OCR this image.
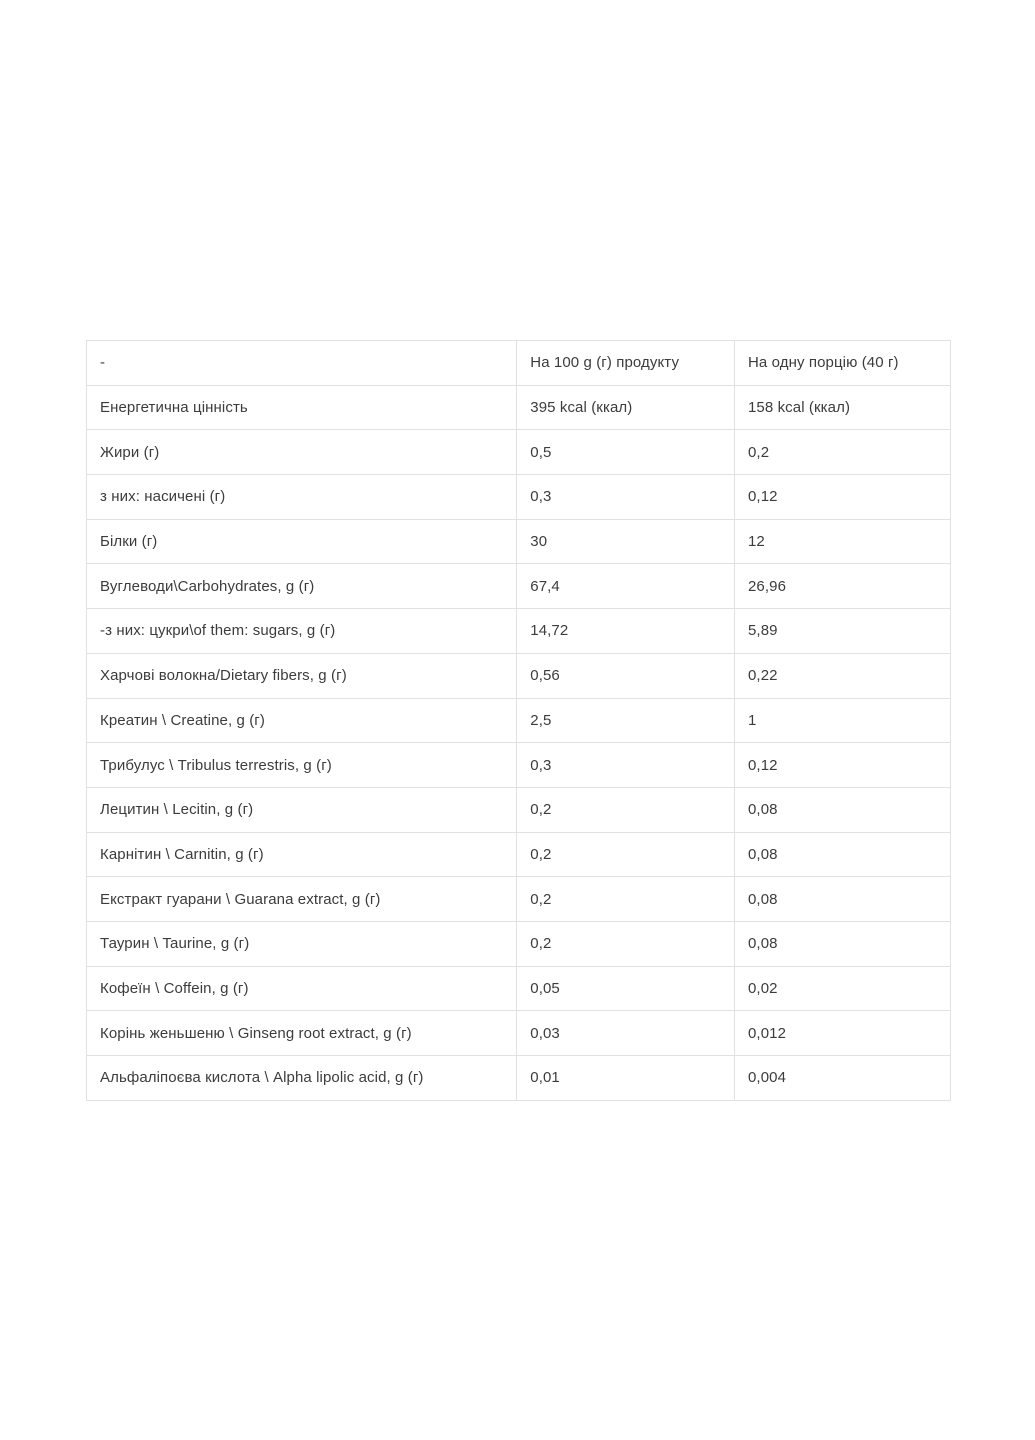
-	На 100 g (г) продукту	На одну порцію (40 г)
Енергетична цінність	395 kcal (ккал)	158 kcal (ккал)
Жири (г)	0,5	0,2
з них: насичені (г)	0,3	0,12
Білки (г)	30	12
Вуглеводи\Carbohydrates, g (г)	67,4	26,96
-з них: цукри\of them: sugars, g (г)	14,72	5,89
Харчові волокна/Dietary fibers, g (г)	0,56	0,22
Креатин \ Creatine, g (г)	2,5	1
Трибулус \ Tribulus terrestris, g (г)	0,3	0,12
Лецитин \ Lecitin, g (г)	0,2	0,08
Карнітин \ Carnitin, g (г)	0,2	0,08
Екстракт гуарани \ Guarana extract, g (г)	0,2	0,08
Таурин \ Taurine, g (г)	0,2	0,08
Кофеїн \ Coffein, g (г)	0,05	0,02
Корінь женьшеню \ Ginseng root extract, g (г)	0,03	0,012
Альфаліпоєва кислота \ Alpha lipolic acid, g (г)	0,01	0,004
